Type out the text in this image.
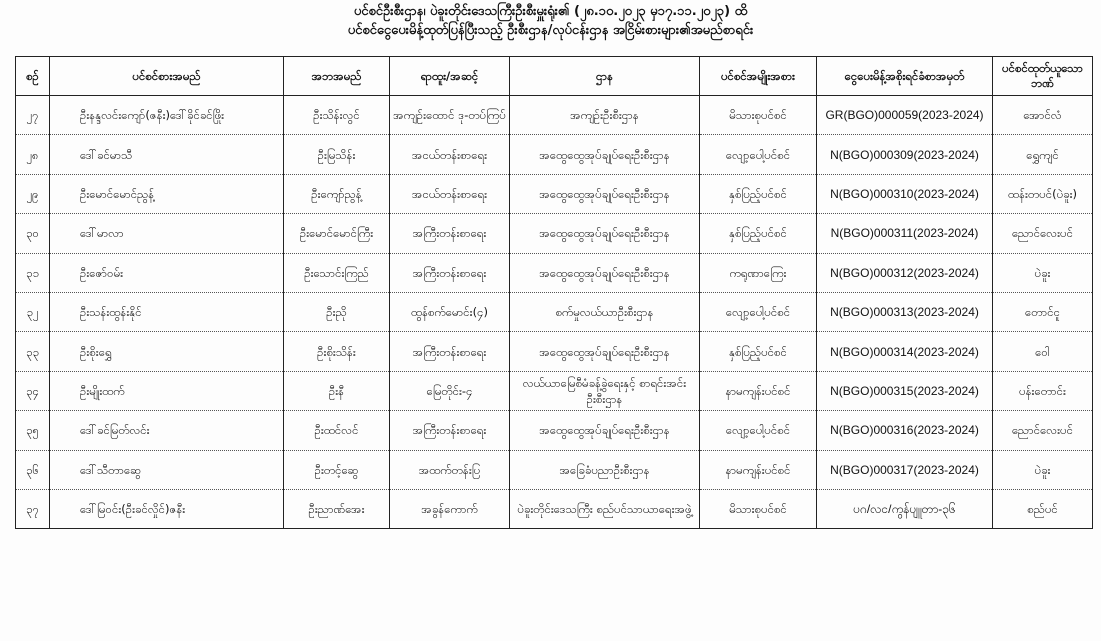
ပင်စင်ဦးစီးဌာန၊ ပဲခူးတိုင်းဒေသကြီးဦးစီးမှူးရုံး၏ (၂၈.၁၀.၂၀၂၃ မှ၁၇.၁၁.၂၀၂၃) ထိ
ပင်စင်ငွေပေးမိန့်ထုတ်ပြန်ပြီးသည့် ဦးစီးဌာန/လုပ်ငန်းဌာန အငြိမ်းစားများ၏အမည်စာရင်း
စဉ်	ပင်စင်စားအမည်	အဘအမည်	ရာထူး/အဆင့်	ဌာန	ပင်စင်အမျိုးအစား	ငွေပေးမိန့်အစိုးရင်ခံစာအမှတ်	ပင်စင်ထုတ်ယူသောဘဏ်
၂၇	ဦးနန္ဒလင်းကျော်(ဇနီး)ဒေါ်ခိုင်ခင်ဖြိုး	ဦးသိန်းလွင်	အကျဉ်းထောင် ဒု-တပ်ကြပ်	အကျဉ်းဦးစီးဌာန	မိသားစုပင်စင်	GR(BGO)000059(2023-2024)	အောင်လံ
၂၈	ဒေါ်ခင်မာသီ	ဦးမြသိန်း	အငယ်တန်းစာရေး	အထွေထွေအုပ်ချုပ်ရေးဦးစီးဌာန	လျော့ပေါ့ပင်စင်	N(BGO)000309(2023-2024)	ရွှေကျင်
၂၉	ဦးမောင်မောင်ညွန့်	ဦးကျော်ညွန့်	အငယ်တန်းစာရေး	အထွေထွေအုပ်ချုပ်ရေးဦးစီးဌာန	နှစ်ပြည့်ပင်စင်	N(BGO)000310(2023-2024)	ထန်းတပင်(ပဲခူး)
၃၀	ဒေါ်မာလာ	ဦးမောင်မောင်ကြီး	အကြီးတန်းစာရေး	အထွေထွေအုပ်ချုပ်ရေးဦးစီးဌာန	နှစ်ပြည့်ပင်စင်	N(BGO)000311(2023-2024)	ညောင်လေးပင်
၃၁	ဦးဇော်ဝမ်း	ဦးသောင်းကြည်	အကြီးတန်းစာရေး	အထွေထွေအုပ်ချုပ်ရေးဦးစီးဌာန	ကရုဏာကြေး	N(BGO)000312(2023-2024)	ပဲခူး
၃၂	ဦးသန်းထွန်းနိုင်	ဦးညို	ထွန်စက်မောင်း(၄)	စက်မှုလယ်ယာဦးစီးဌာန	လျော့ပေါ့ပင်စင်	N(BGO)000313(2023-2024)	တောင်ငူ
၃၃	ဦးစိုးရွှေ	ဦးစိုးသိန်း	အကြီးတန်းစာရေး	အထွေထွေအုပ်ချုပ်ရေးဦးစီးဌာန	နှစ်ပြည့်ပင်စင်	N(BGO)000314(2023-2024)	ဝေါ
၃၄	ဦးမျိုးထက်	ဦးနီ	မြေတိုင်း-၄	လယ်ယာမြေစီမံခန့်ခွဲရေးနှင့် စာရင်းအင်းဦးစီးဌာန	နာမကျန်းပင်စင်	N(BGO)000315(2023-2024)	ပန်းတောင်း
၃၅	ဒေါ်ခင်မြတ်လင်း	ဦးထင်လင်	အကြီးတန်းစာရေး	အထွေထွေအုပ်ချုပ်ရေးဦးစီးဌာန	လျော့ပေါ့ပင်စင်	N(BGO)000316(2023-2024)	ညောင်လေးပင်
၃၆	ဒေါ်သီတာဆွေ	ဦးတင့်ဆွေ	အထက်တန်းပြ	အခြေခံပညာဦးစီးဌာန	နာမကျန်းပင်စင်	N(BGO)000317(2023-2024)	ပဲခူး
၃၇	ဒေါ်မြဝင်း(ဦးခင်လှိုင်)ဇနီး	ဦးညာဏ်အေး	အခွန်ကောက်	ပဲခူးတိုင်းဒေသကြီး စည်ပင်သာယာရေးအဖွဲ့	မိသားစုပင်စင်	ပဂ/လင/ကွန်ပျူတာ-၃၆	စည်ပင်
